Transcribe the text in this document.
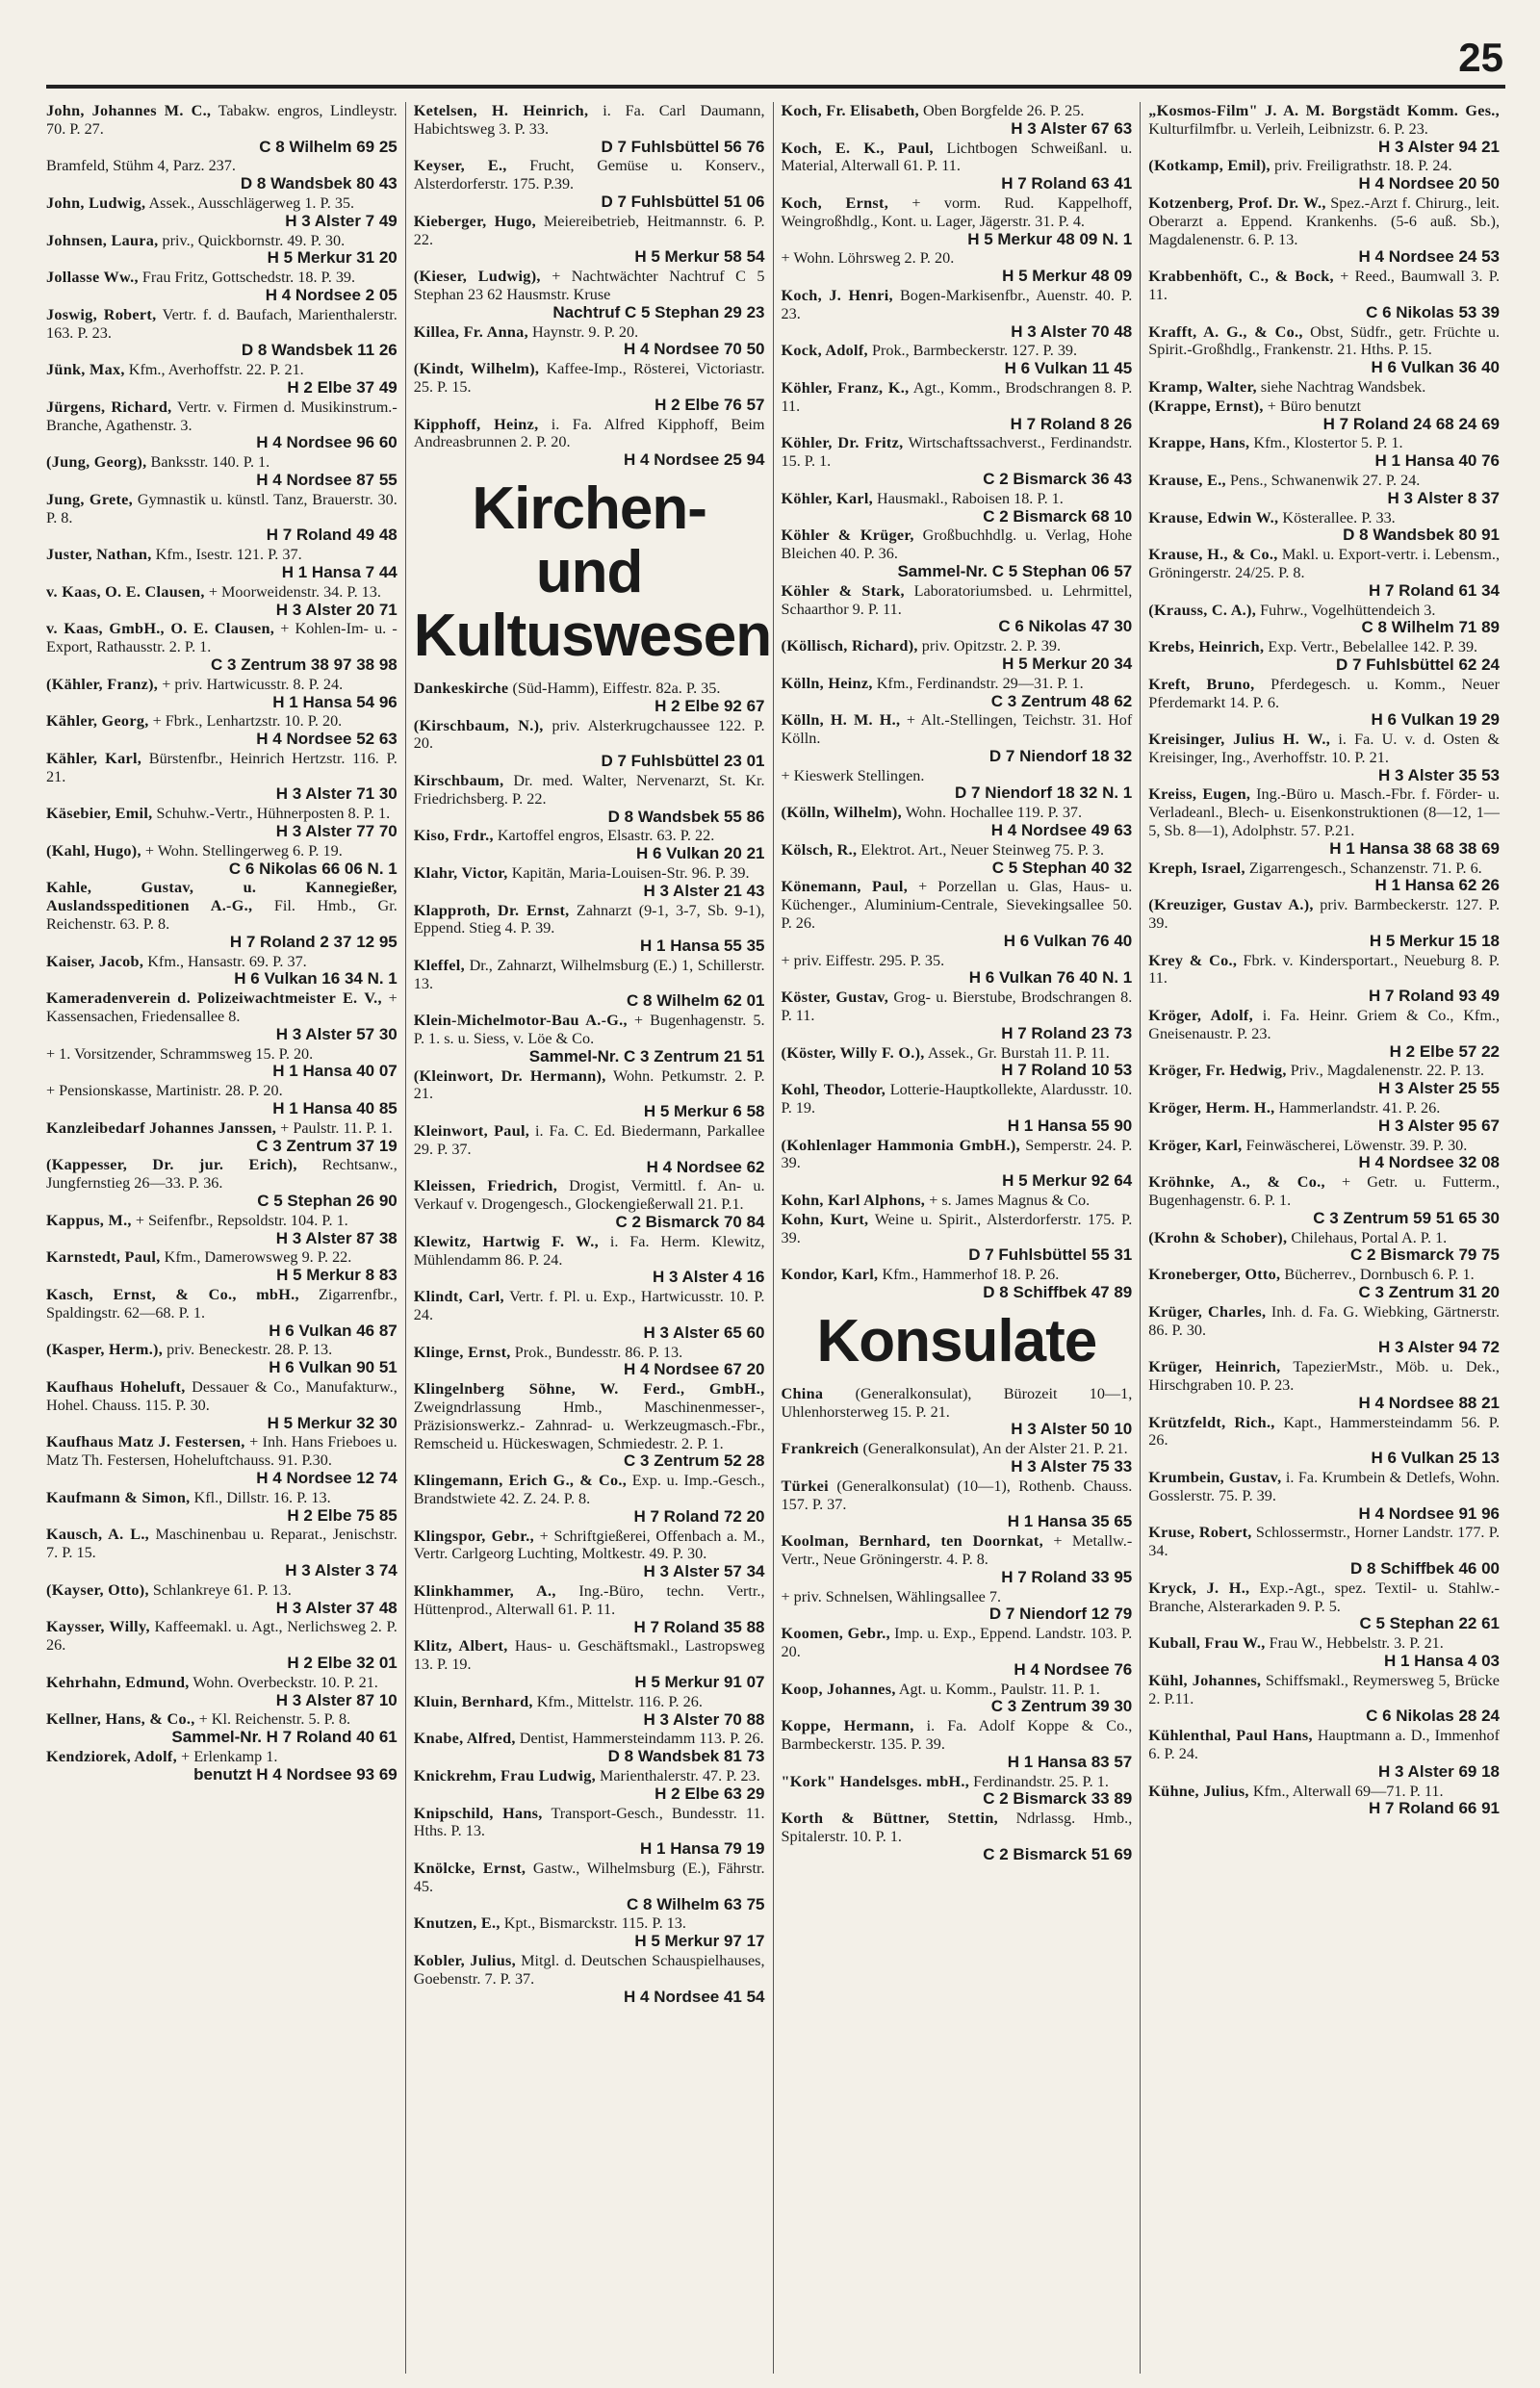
25
John, Johannes M. C., Tabakw. engros, Lindleystr. 70. P. 27.
C 8 Wilhelm 69 25
Bramfeld, Stühm 4, Parz. 237.
D 8 Wandsbek 80 43
John, Ludwig, Assek., Ausschlägerweg 1. P. 35.
H 3 Alster 7 49
Johnsen, Laura, priv., Quickbornstr. 49. P. 30.
H 5 Merkur 31 20
Jollasse Ww., Frau Fritz, Gottschedstr. 18. P. 39.
H 4 Nordsee 2 05
Joswig, Robert, Vertr. f. d. Baufach, Marienthalerstr. 163. P. 23.
D 8 Wandsbek 11 26
Jünk, Max, Kfm., Averhoffstr. 22. P. 21.
H 2 Elbe 37 49
Jürgens, Richard, Vertr. v. Firmen d. Musikinstrum.- Branche, Agathenstr. 3.
H 4 Nordsee 96 60
(Jung, Georg), Banksstr. 140. P. 1.
H 4 Nordsee 87 55
Jung, Grete, Gymnastik u. künstl. Tanz, Brauerstr. 30. P. 8.
H 7 Roland 49 48
Juster, Nathan, Kfm., Isestr. 121. P. 37.
H 1 Hansa 7 44
v. Kaas, O. E. Clausen, + Moorweidenstr. 34. P. 13.
H 3 Alster 20 71
v. Kaas, GmbH., O. E. Clausen, + Kohlen-Im- u. -Export, Rathausstr. 2. P. 1.
C 3 Zentrum 38 97 38 98
(Kähler, Franz), + priv. Hartwicusstr. 8. P. 24.
H 1 Hansa 54 96
Kähler, Georg, + Fbrk., Lenhartzstr. 10. P. 20.
H 4 Nordsee 52 63
Kähler, Karl, Bürstenfbr., Heinrich Hertzstr. 116. P. 21.
H 3 Alster 71 30
Käsebier, Emil, Schuhw.-Vertr., Hühnerposten 8. P. 1.
H 3 Alster 77 70
(Kahl, Hugo), + Wohn. Stellingerweg 6. P. 19.
C 6 Nikolas 66 06 N. 1
Kahle, Gustav, u. Kannegießer, Auslandsspeditionen A.-G., Fil. Hmb., Gr. Reichenstr. 63. P. 8.
H 7 Roland 2 37 12 95
Kaiser, Jacob, Kfm., Hansastr. 69. P. 37.
H 6 Vulkan 16 34 N. 1
Kameradenverein d. Polizeiwachtmeister E. V., + Kassensachen, Friedensallee 8.
H 3 Alster 57 30
+ 1. Vorsitzender, Schrammsweg 15. P. 20.
H 1 Hansa 40 07
+ Pensionskasse, Martinistr. 28. P. 20.
H 1 Hansa 40 85
Kanzleibedarf Johannes Janssen, + Paulstr. 11. P. 1.
C 3 Zentrum 37 19
(Kappesser, Dr. jur. Erich), Rechtsanw., Jungfernstieg 26—33. P. 36.
C 5 Stephan 26 90
Kappus, M., + Seifenfbr., Repsoldstr. 104. P. 1.
H 3 Alster 87 38
Karnstedt, Paul, Kfm., Damerowsweg 9. P. 22.
H 5 Merkur 8 83
Kasch, Ernst, & Co., mbH., Zigarrenfbr., Spaldingstr. 62—68. P. 1.
H 6 Vulkan 46 87
(Kasper, Herm.), priv. Beneckestr. 28. P. 13.
H 6 Vulkan 90 51
Kaufhaus Hoheluft, Dessauer & Co., Manufakturw., Hohel. Chauss. 115. P. 30.
H 5 Merkur 32 30
Kaufhaus Matz J. Festersen, + Inh. Hans Frieboes u. Matz Th. Festersen, Hoheluftchauss. 91. P.30.
H 4 Nordsee 12 74
Kaufmann & Simon, Kfl., Dillstr. 16. P. 13.
H 2 Elbe 75 85
Kausch, A. L., Maschinenbau u. Reparat., Jenischstr. 7. P. 15.
H 3 Alster 3 74
(Kayser, Otto), Schlankreye 61. P. 13.
H 3 Alster 37 48
Kaysser, Willy, Kaffeemakl. u. Agt., Nerlichsweg 2. P. 26.
H 2 Elbe 32 01
Kehrhahn, Edmund, Wohn. Overbeckstr. 10. P. 21.
H 3 Alster 87 10
Kellner, Hans, & Co., + Kl. Reichenstr. 5. P. 8.
Sammel-Nr. H 7 Roland 40 61
Kendziorek, Adolf, + Erlenkamp 1.
benutzt H 4 Nordsee 93 69
Ketelsen, H. Heinrich, i. Fa. Carl Daumann, Habichtsweg 3. P. 33.
D 7 Fuhlsbüttel 56 76
Keyser, E., Frucht, Gemüse u. Konserv., Alsterdorferstr. 175. P.39.
D 7 Fuhlsbüttel 51 06
Kieberger, Hugo, Meiereibetrieb, Heitmannstr. 6. P. 22.
H 5 Merkur 58 54
(Kieser, Ludwig), + Nachtwächter Nachtruf C 5 Stephan 23 62 Hausmstr. Kruse
Nachtruf C 5 Stephan 29 23
Killea, Fr. Anna, Haynstr. 9. P. 20.
H 4 Nordsee 70 50
(Kindt, Wilhelm), Kaffee-Imp., Rösterei, Victoriastr. 25. P. 15.
H 2 Elbe 76 57
Kipphoff, Heinz, i. Fa. Alfred Kipphoff, Beim Andreasbrunnen 2. P. 20.
H 4 Nordsee 25 94
Kirchen- und Kultuswesen
Dankeskirche (Süd-Hamm), Eiffestr. 82a. P. 35.
H 2 Elbe 92 67
(Kirschbaum, N.), priv. Alsterkrugchaussee 122. P. 20.
D 7 Fuhlsbüttel 23 01
Kirschbaum, Dr. med. Walter, Nervenarzt, St. Kr. Friedrichsberg. P. 22.
D 8 Wandsbek 55 86
Kiso, Frdr., Kartoffel engros, Elsastr. 63. P. 22.
H 6 Vulkan 20 21
Klahr, Victor, Kapitän, Maria-Louisen-Str. 96. P. 39.
H 3 Alster 21 43
Klapproth, Dr. Ernst, Zahnarzt (9-1, 3-7, Sb. 9-1), Eppend. Stieg 4. P. 39.
H 1 Hansa 55 35
Kleffel, Dr., Zahnarzt, Wilhelmsburg (E.) 1, Schillerstr. 13.
C 8 Wilhelm 62 01
Klein-Michelmotor-Bau A.-G., + Bugenhagenstr. 5. P. 1. s. u. Siess, v. Löe & Co.
Sammel-Nr. C 3 Zentrum 21 51
(Kleinwort, Dr. Hermann), Wohn. Petkumstr. 2. P. 21.
H 5 Merkur 6 58
Kleinwort, Paul, i. Fa. C. Ed. Biedermann, Parkallee 29. P. 37.
H 4 Nordsee 62
Kleissen, Friedrich, Drogist, Vermittl. f. An- u. Verkauf v. Drogengesch., Glockengießerwall 21. P.1.
C 2 Bismarck 70 84
Klewitz, Hartwig F. W., i. Fa. Herm. Klewitz, Mühlendamm 86. P. 24.
H 3 Alster 4 16
Klindt, Carl, Vertr. f. Pl. u. Exp., Hartwicusstr. 10. P. 24.
H 3 Alster 65 60
Klinge, Ernst, Prok., Bundesstr. 86. P. 13.
H 4 Nordsee 67 20
Klingelnberg Söhne, W. Ferd., GmbH., Zweigndrlassung Hmb., Maschinenmesser-, Präzisionswerkz.- Zahnrad- u. Werkzeugmasch.-Fbr., Remscheid u. Hückeswagen, Schmiedestr. 2. P. 1.
C 3 Zentrum 52 28
Klingemann, Erich G., & Co., Exp. u. Imp.-Gesch., Brandstwiete 42. Z. 24. P. 8.
H 7 Roland 72 20
Klingspor, Gebr., + Schriftgießerei, Offenbach a. M., Vertr. Carlgeorg Luchting, Moltkestr. 49. P. 30.
H 3 Alster 57 34
Klinkhammer, A., Ing.-Büro, techn. Vertr., Hüttenprod., Alterwall 61. P. 11.
H 7 Roland 35 88
Klitz, Albert, Haus- u. Geschäftsmakl., Lastropsweg 13. P. 19.
H 5 Merkur 91 07
Kluin, Bernhard, Kfm., Mittelstr. 116. P. 26.
H 3 Alster 70 88
Knabe, Alfred, Dentist, Hammersteindamm 113. P. 26.
D 8 Wandsbek 81 73
Knickrehm, Frau Ludwig, Marienthalerstr. 47. P. 23.
H 2 Elbe 63 29
Knipschild, Hans, Transport-Gesch., Bundesstr. 11. Hths. P. 13.
H 1 Hansa 79 19
Knölcke, Ernst, Gastw., Wilhelmsburg (E.), Fährstr. 45.
C 8 Wilhelm 63 75
Knutzen, E., Kpt., Bismarckstr. 115. P. 13.
H 5 Merkur 97 17
Kobler, Julius, Mitgl. d. Deutschen Schauspielhauses, Goebenstr. 7. P. 37.
H 4 Nordsee 41 54
Koch, Fr. Elisabeth, Oben Borgfelde 26. P. 25.
H 3 Alster 67 63
Koch, E. K., Paul, Lichtbogen Schweißanl. u. Material, Alterwall 61. P. 11.
H 7 Roland 63 41
Koch, Ernst, + vorm. Rud. Kappelhoff, Weingroßhdlg., Kont. u. Lager, Jägerstr. 31. P. 4.
H 5 Merkur 48 09 N. 1
+ Wohn. Löhrsweg 2. P. 20.
H 5 Merkur 48 09
Koch, J. Henri, Bogen-Markisenfbr., Auenstr. 40. P. 23.
H 3 Alster 70 48
Kock, Adolf, Prok., Barmbeckerstr. 127. P. 39.
H 6 Vulkan 11 45
Köhler, Franz, K., Agt., Komm., Brodschrangen 8. P. 11.
H 7 Roland 8 26
Köhler, Dr. Fritz, Wirtschaftssachverst., Ferdinandstr. 15. P. 1.
C 2 Bismarck 36 43
Köhler, Karl, Hausmakl., Raboisen 18. P. 1.
C 2 Bismarck 68 10
Köhler & Krüger, Großbuchhdlg. u. Verlag, Hohe Bleichen 40. P. 36.
Sammel-Nr. C 5 Stephan 06 57
Köhler & Stark, Laboratoriumsbed. u. Lehrmittel, Schaarthor 9. P. 11.
C 6 Nikolas 47 30
(Köllisch, Richard), priv. Opitzstr. 2. P. 39.
H 5 Merkur 20 34
Kölln, Heinz, Kfm., Ferdinandstr. 29—31. P. 1.
C 3 Zentrum 48 62
Kölln, H. M. H., + Alt.-Stellingen, Teichstr. 31. Hof Kölln.
D 7 Niendorf 18 32
+ Kieswerk Stellingen.
D 7 Niendorf 18 32 N. 1
(Kölln, Wilhelm), Wohn. Hochallee 119. P. 37.
H 4 Nordsee 49 63
Kölsch, R., Elektrot. Art., Neuer Steinweg 75. P. 3.
C 5 Stephan 40 32
Könemann, Paul, + Porzellan u. Glas, Haus- u. Küchenger., Aluminium-Centrale, Sievekingsallee 50. P. 26.
H 6 Vulkan 76 40
+ priv. Eiffestr. 295. P. 35.
H 6 Vulkan 76 40 N. 1
Köster, Gustav, Grog- u. Bierstube, Brodschrangen 8. P. 11.
H 7 Roland 23 73
(Köster, Willy F. O.), Assek., Gr. Burstah 11. P. 11.
H 7 Roland 10 53
Kohl, Theodor, Lotterie-Hauptkollekte, Alardusstr. 10. P. 19.
H 1 Hansa 55 90
(Kohlenlager Hammonia GmbH.), Semperstr. 24. P. 39.
H 5 Merkur 92 64
Kohn, Karl Alphons, + s. James Magnus & Co.
Kohn, Kurt, Weine u. Spirit., Alsterdorferstr. 175. P. 39.
D 7 Fuhlsbüttel 55 31
Kondor, Karl, Kfm., Hammerhof 18. P. 26.
D 8 Schiffbek 47 89
Konsulate
China (Generalkonsulat), Bürozeit 10—1, Uhlenhorsterweg 15. P. 21.
H 3 Alster 50 10
Frankreich (Generalkonsulat), An der Alster 21. P. 21.
H 3 Alster 75 33
Türkei (Generalkonsulat) (10—1), Rothenb. Chauss. 157. P. 37.
H 1 Hansa 35 65
Koolman, Bernhard, ten Doornkat, + Metallw.-Vertr., Neue Gröningerstr. 4. P. 8.
H 7 Roland 33 95
+ priv. Schnelsen, Wählingsallee 7.
D 7 Niendorf 12 79
Koomen, Gebr., Imp. u. Exp., Eppend. Landstr. 103. P. 20.
H 4 Nordsee 76
Koop, Johannes, Agt. u. Komm., Paulstr. 11. P. 1.
C 3 Zentrum 39 30
Koppe, Hermann, i. Fa. Adolf Koppe & Co., Barmbeckerstr. 135. P. 39.
H 1 Hansa 83 57
"Kork" Handelsges. mbH., Ferdinandstr. 25. P. 1.
C 2 Bismarck 33 89
Korth & Büttner, Stettin, Ndrlassg. Hmb., Spitalerstr. 10. P. 1.
C 2 Bismarck 51 69
„Kosmos-Film" J. A. M. Borgstädt Komm. Ges., Kulturfilmfbr. u. Verleih, Leibnizstr. 6. P. 23.
H 3 Alster 94 21
(Kotkamp, Emil), priv. Freiligrathstr. 18. P. 24.
H 4 Nordsee 20 50
Kotzenberg, Prof. Dr. W., Spez.-Arzt f. Chirurg., leit. Oberarzt a. Eppend. Krankenhs. (5-6 auß. Sb.), Magdalenenstr. 6. P. 13.
H 4 Nordsee 24 53
Krabbenhöft, C., & Bock, + Reed., Baumwall 3. P. 11.
C 6 Nikolas 53 39
Krafft, A. G., & Co., Obst, Südfr., getr. Früchte u. Spirit.-Großhdlg., Frankenstr. 21. Hths. P. 15.
H 6 Vulkan 36 40
Kramp, Walter, siehe Nachtrag Wandsbek.
(Krappe, Ernst), + Büro benutzt
H 7 Roland 24 68 24 69
Krappe, Hans, Kfm., Klostertor 5. P. 1.
H 1 Hansa 40 76
Krause, E., Pens., Schwanenwik 27. P. 24.
H 3 Alster 8 37
Krause, Edwin W., Kösterallee. P. 33.
D 8 Wandsbek 80 91
Krause, H., & Co., Makl. u. Export-vertr. i. Lebensm., Gröningerstr. 24/25. P. 8.
H 7 Roland 61 34
(Krauss, C. A.), Fuhrw., Vogelhüttendeich 3.
C 8 Wilhelm 71 89
Krebs, Heinrich, Exp. Vertr., Bebelallee 142. P. 39.
D 7 Fuhlsbüttel 62 24
Kreft, Bruno, Pferdegesch. u. Komm., Neuer Pferdemarkt 14. P. 6.
H 6 Vulkan 19 29
Kreisinger, Julius H. W., i. Fa. U. v. d. Osten & Kreisinger, Ing., Averhoffstr. 10. P. 21.
H 3 Alster 35 53
Kreiss, Eugen, Ing.-Büro u. Masch.-Fbr. f. Förder- u. Verladeanl., Blech- u. Eisenkonstruktionen (8—12, 1—5, Sb. 8—1), Adolphstr. 57. P.21.
H 1 Hansa 38 68 38 69
Kreph, Israel, Zigarrengesch., Schanzenstr. 71. P. 6.
H 1 Hansa 62 26
(Kreuziger, Gustav A.), priv. Barmbeckerstr. 127. P. 39.
H 5 Merkur 15 18
Krey & Co., Fbrk. v. Kindersportart., Neueburg 8. P. 11.
H 7 Roland 93 49
Kröger, Adolf, i. Fa. Heinr. Griem & Co., Kfm., Gneisenaustr. P. 23.
H 2 Elbe 57 22
Kröger, Fr. Hedwig, Priv., Magdalenenstr. 22. P. 13.
H 3 Alster 25 55
Kröger, Herm. H., Hammerlandstr. 41. P. 26.
H 3 Alster 95 67
Kröger, Karl, Feinwäscherei, Löwenstr. 39. P. 30.
H 4 Nordsee 32 08
Kröhnke, A., & Co., + Getr. u. Futterm., Bugenhagenstr. 6. P. 1.
C 3 Zentrum 59 51 65 30
(Krohn & Schober), Chilehaus, Portal A. P. 1.
C 2 Bismarck 79 75
Kroneberger, Otto, Bücherrev., Dornbusch 6. P. 1.
C 3 Zentrum 31 20
Krüger, Charles, Inh. d. Fa. G. Wiebking, Gärtnerstr. 86. P. 30.
H 3 Alster 94 72
Krüger, Heinrich, TapezierMstr., Möb. u. Dek., Hirschgraben 10. P. 23.
H 4 Nordsee 88 21
Krützfeldt, Rich., Kapt., Hammersteindamm 56. P. 26.
H 6 Vulkan 25 13
Krumbein, Gustav, i. Fa. Krumbein & Detlefs, Wohn. Gosslerstr. 75. P. 39.
H 4 Nordsee 91 96
Kruse, Robert, Schlossermstr., Horner Landstr. 177. P. 34.
D 8 Schiffbek 46 00
Kryck, J. H., Exp.-Agt., spez. Textil- u. Stahlw.-Branche, Alsterarkaden 9. P. 5.
C 5 Stephan 22 61
Kuball, Frau W., Frau W., Hebbelstr. 3. P. 21.
H 1 Hansa 4 03
Kühl, Johannes, Schiffsmakl., Reymersweg 5, Brücke 2. P.11.
C 6 Nikolas 28 24
Kühlenthal, Paul Hans, Hauptmann a. D., Immenhof 6. P. 24.
H 3 Alster 69 18
Kühne, Julius, Kfm., Alterwall 69—71. P. 11.
H 7 Roland 66 91
